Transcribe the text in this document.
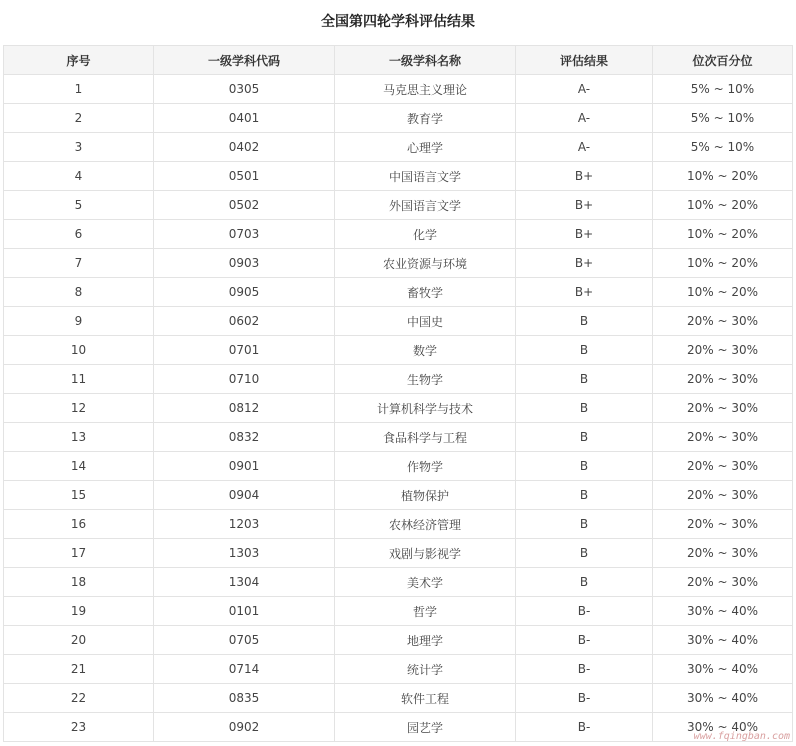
全国第四轮学科评估结果
序号	一级学科代码	一级学科名称	评估结果	位次百分位
1	0305	马克思主义理论	A-	5% ~ 10%
2	0401	教育学	A-	5% ~ 10%
3	0402	心理学	A-	5% ~ 10%
4	0501	中国语言文学	B+	10% ~ 20%
5	0502	外国语言文学	B+	10% ~ 20%
6	0703	化学	B+	10% ~ 20%
7	0903	农业资源与环境	B+	10% ~ 20%
8	0905	畜牧学	B+	10% ~ 20%
9	0602	中国史	B	20% ~ 30%
10	0701	数学	B	20% ~ 30%
11	0710	生物学	B	20% ~ 30%
12	0812	计算机科学与技术	B	20% ~ 30%
13	0832	食品科学与工程	B	20% ~ 30%
14	0901	作物学	B	20% ~ 30%
15	0904	植物保护	B	20% ~ 30%
16	1203	农林经济管理	B	20% ~ 30%
17	1303	戏剧与影视学	B	20% ~ 30%
18	1304	美术学	B	20% ~ 30%
19	0101	哲学	B-	30% ~ 40%
20	0705	地理学	B-	30% ~ 40%
21	0714	统计学	B-	30% ~ 40%
22	0835	软件工程	B-	30% ~ 40%
23	0902	园艺学	B-	30% ~ 40%
www.fqingban.com
